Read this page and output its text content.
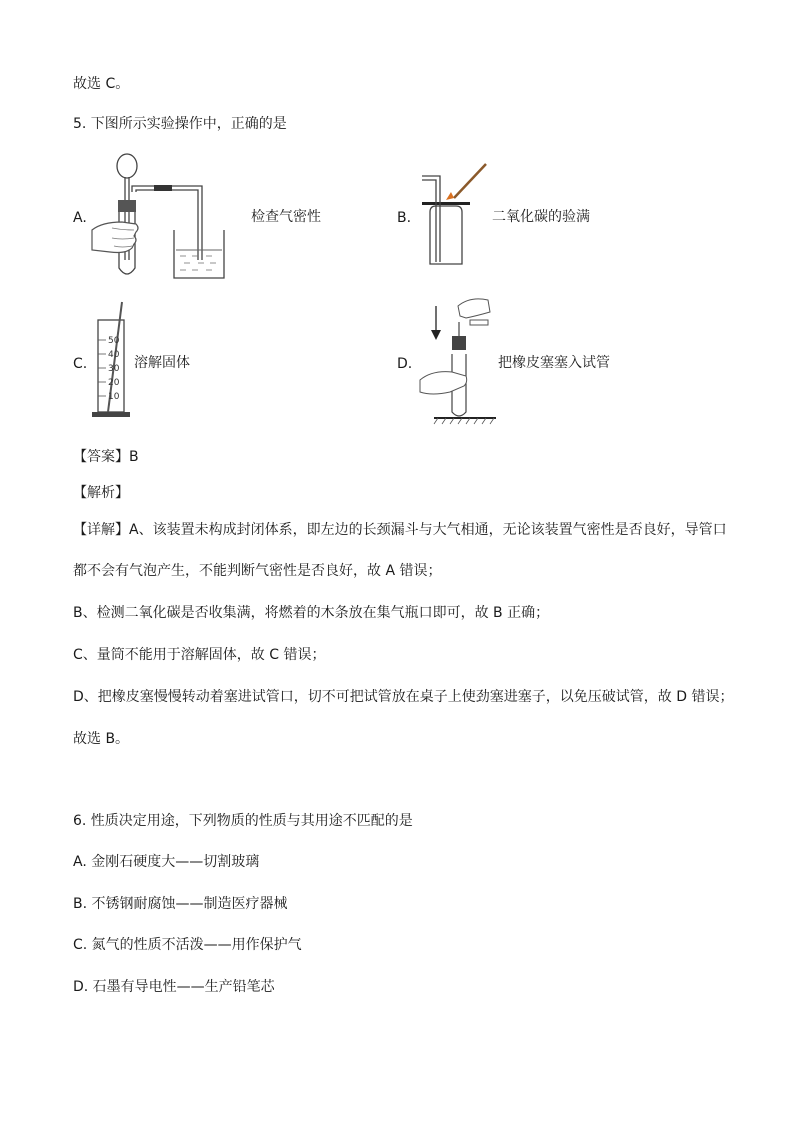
故选 C。
5. 下图所示实验操作中，正确的是
A.	检查气密性	B.	二氧化碳的验满
C.
50
40
30
20
10
溶解固体	D.	把橡皮塞塞入试管
【答案】B
【解析】
【详解】A、该装置未构成封闭体系，即左边的长颈漏斗与大气相通，无论该装置气密性是否良好，导管口
都不会有气泡产生，不能判断气密性是否良好，故 A 错误；
B、检测二氧化碳是否收集满，将燃着的木条放在集气瓶口即可，故 B 正确；
C、量筒不能用于溶解固体，故 C 错误；
D、把橡皮塞慢慢转动着塞进试管口，切不可把试管放在桌子上使劲塞进塞子，以免压破试管，故 D 错误；
故选 B。
6. 性质决定用途，下列物质的性质与其用途不匹配的是
A. 金刚石硬度大——切割玻璃
B. 不锈钢耐腐蚀——制造医疗器械
C. 氮气的性质不活泼——用作保护气
D. 石墨有导电性——生产铅笔芯
